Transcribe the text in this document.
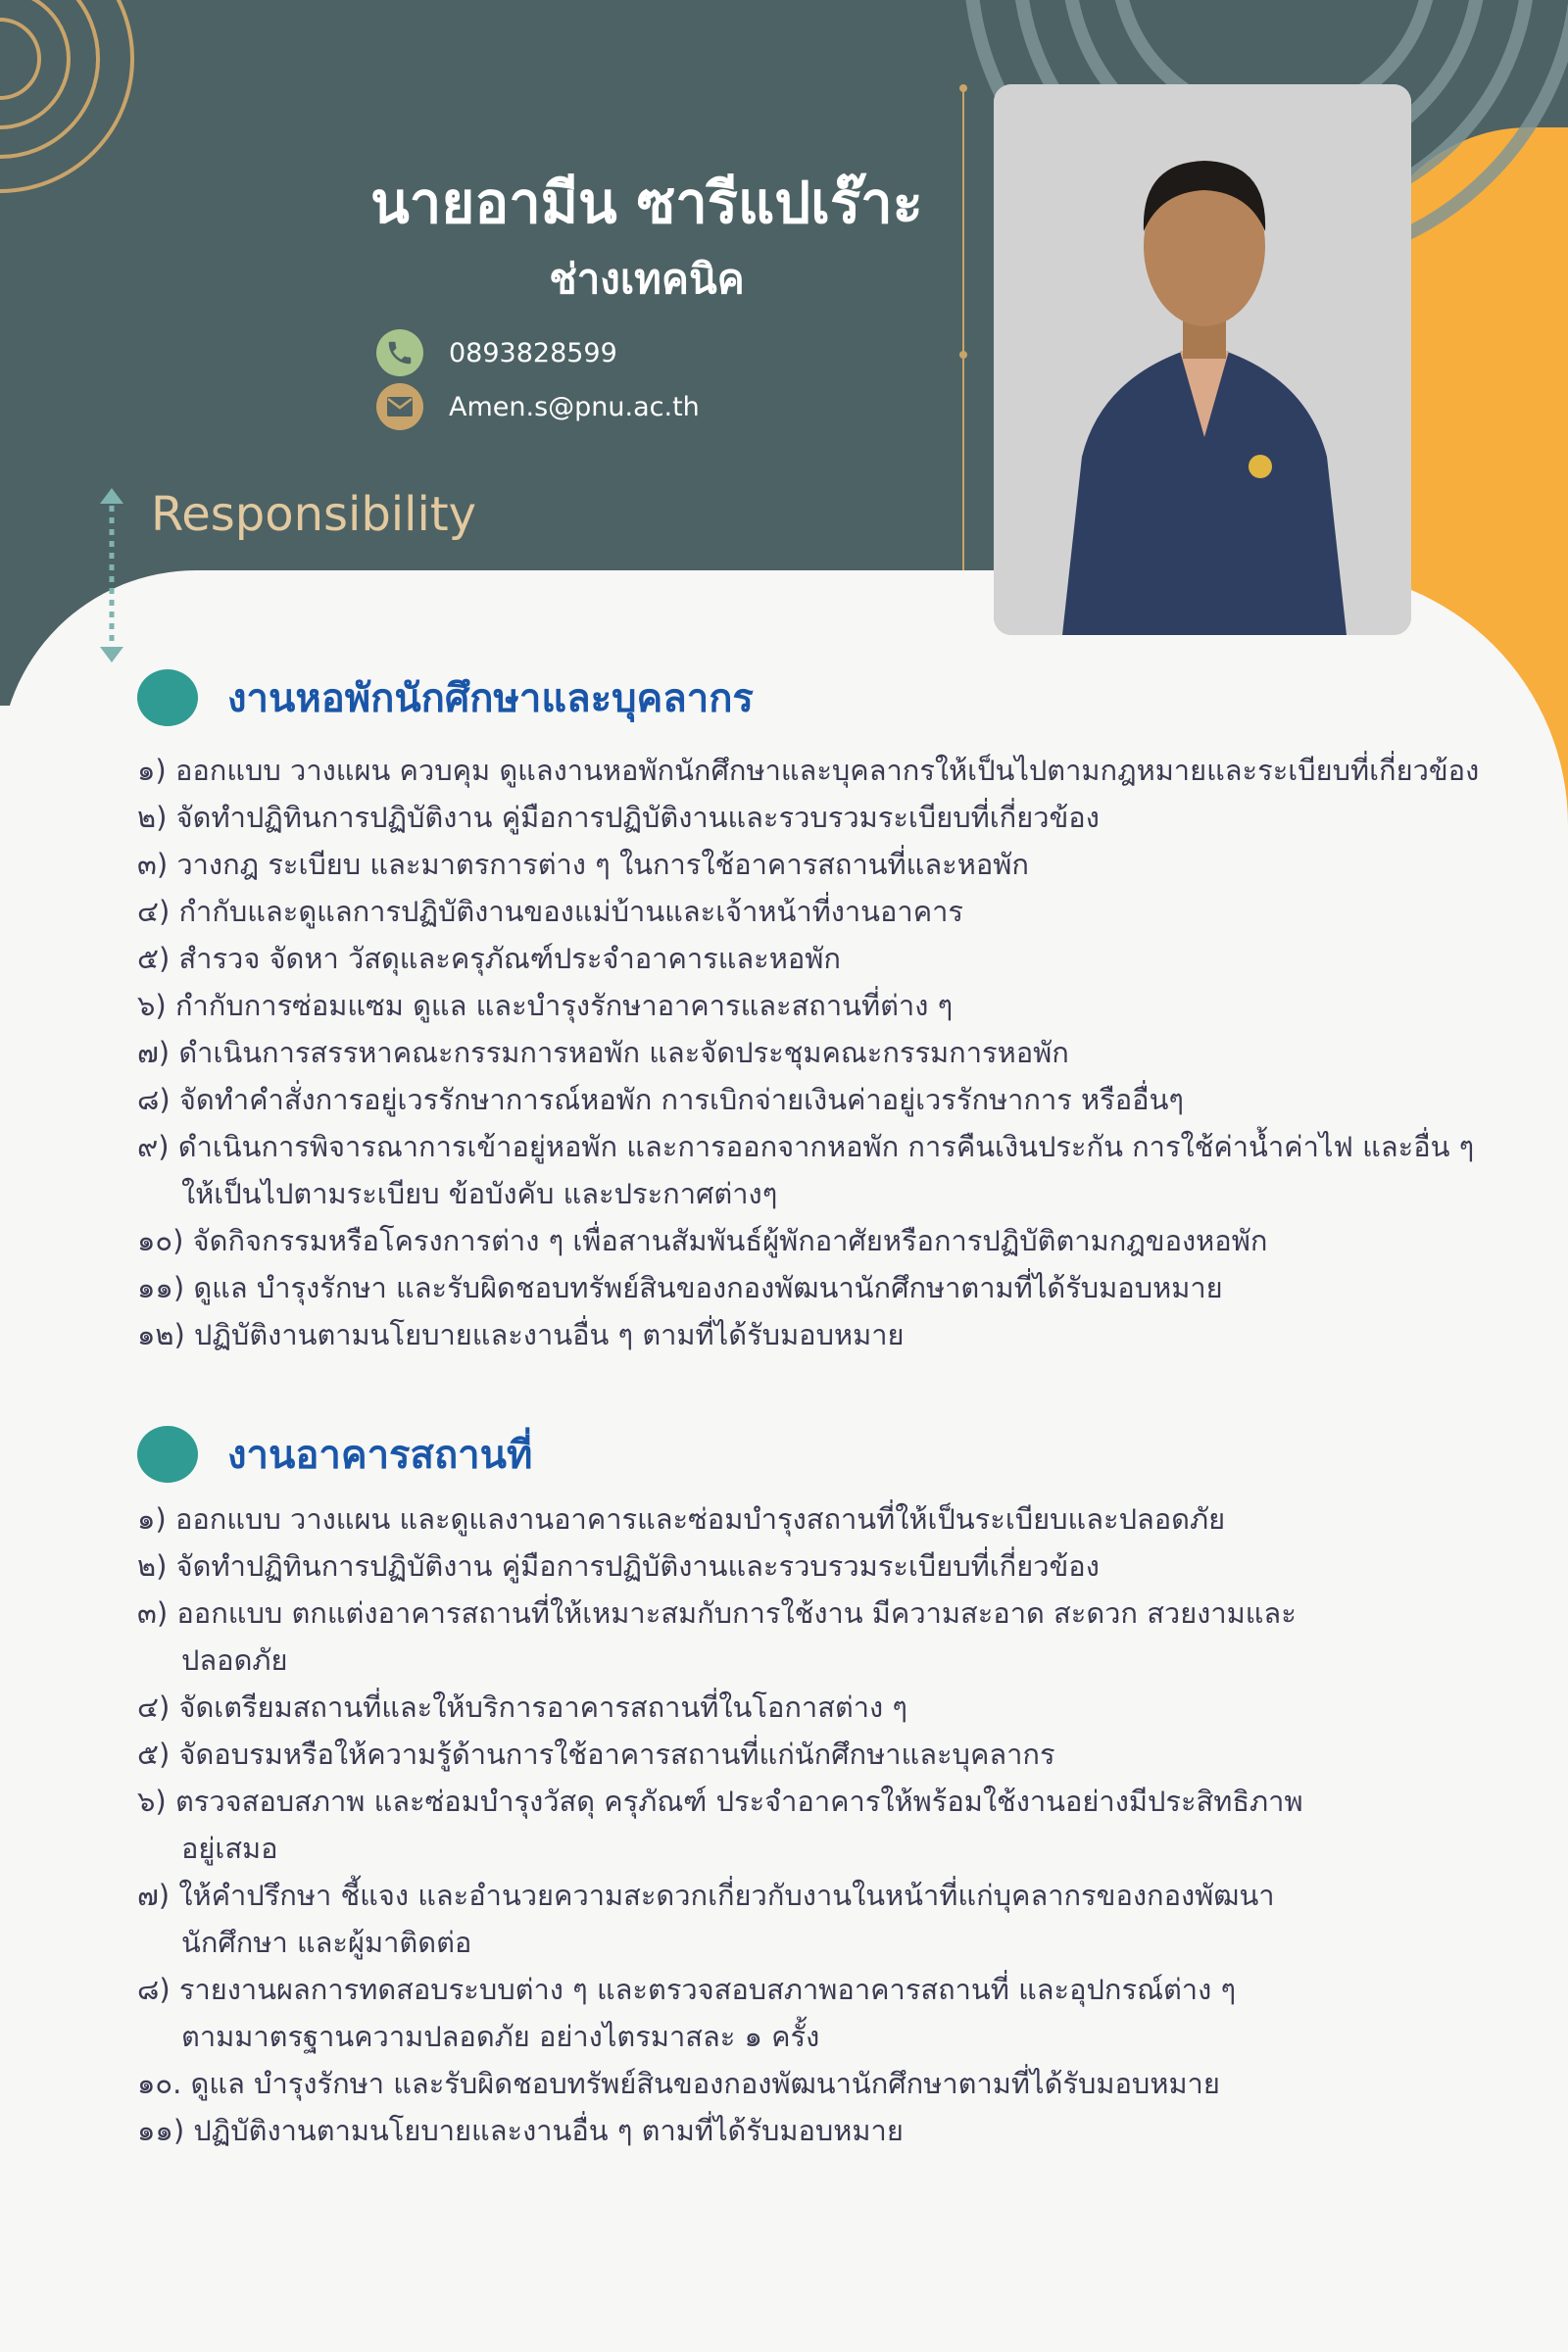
นายอามีน ซารีแปเร๊าะ
ช่างเทคนิค
0893828599
Amen.s@pnu.ac.th
Responsibility
งานหอพักนักศึกษาและบุคลากร
๑) ออกแบบ วางแผน ควบคุม ดูแลงานหอพักนักศึกษาและบุคลากรให้เป็นไปตามกฎหมายและระเบียบที่เกี่ยวข้อง
๒) จัดทำปฏิทินการปฏิบัติงาน คู่มือการปฏิบัติงานและรวบรวมระเบียบที่เกี่ยวข้อง
๓) วางกฎ ระเบียบ และมาตรการต่าง ๆ ในการใช้อาคารสถานที่และหอพัก
๔) กำกับและดูแลการปฏิบัติงานของแม่บ้านและเจ้าหน้าที่งานอาคาร
๕) สำรวจ จัดหา วัสดุและครุภัณฑ์ประจำอาคารและหอพัก
๖) กำกับการซ่อมแซม ดูแล และบำรุงรักษาอาคารและสถานที่ต่าง ๆ
๗) ดำเนินการสรรหาคณะกรรมการหอพัก และจัดประชุมคณะกรรมการหอพัก
๘) จัดทำคำสั่งการอยู่เวรรักษาการณ์หอพัก การเบิกจ่ายเงินค่าอยู่เวรรักษาการ หรืออื่นๆ
๙) ดำเนินการพิจารณาการเข้าอยู่หอพัก และการออกจากหอพัก การคืนเงินประกัน การใช้ค่าน้ำค่าไฟ และอื่น ๆ
ให้เป็นไปตามระเบียบ ข้อบังคับ และประกาศต่างๆ
๑๐) จัดกิจกรรมหรือโครงการต่าง ๆ เพื่อสานสัมพันธ์ผู้พักอาศัยหรือการปฏิบัติตามกฎของหอพัก
๑๑) ดูแล บำรุงรักษา และรับผิดชอบทรัพย์สินของกองพัฒนานักศึกษาตามที่ได้รับมอบหมาย
๑๒) ปฏิบัติงานตามนโยบายและงานอื่น ๆ ตามที่ได้รับมอบหมาย
งานอาคารสถานที่
๑) ออกแบบ วางแผน และดูแลงานอาคารและซ่อมบำรุงสถานที่ให้เป็นระเบียบและปลอดภัย
๒) จัดทำปฏิทินการปฏิบัติงาน คู่มือการปฏิบัติงานและรวบรวมระเบียบที่เกี่ยวข้อง
๓) ออกแบบ ตกแต่งอาคารสถานที่ให้เหมาะสมกับการใช้งาน มีความสะอาด สะดวก สวยงามและ
ปลอดภัย
๔) จัดเตรียมสถานที่และให้บริการอาคารสถานที่ในโอกาสต่าง ๆ
๕) จัดอบรมหรือให้ความรู้ด้านการใช้อาคารสถานที่แก่นักศึกษาและบุคลากร
๖) ตรวจสอบสภาพ และซ่อมบำรุงวัสดุ ครุภัณฑ์ ประจำอาคารให้พร้อมใช้งานอย่างมีประสิทธิภาพ
อยู่เสมอ
๗) ให้คำปรึกษา ชี้แจง และอำนวยความสะดวกเกี่ยวกับงานในหน้าที่แก่บุคลากรของกองพัฒนา
นักศึกษา และผู้มาติดต่อ
๘) รายงานผลการทดสอบระบบต่าง ๆ และตรวจสอบสภาพอาคารสถานที่ และอุปกรณ์ต่าง ๆ
ตามมาตรฐานความปลอดภัย อย่างไตรมาสละ ๑ ครั้ง
๑๐. ดูแล บำรุงรักษา และรับผิดชอบทรัพย์สินของกองพัฒนานักศึกษาตามที่ได้รับมอบหมาย
๑๑) ปฏิบัติงานตามนโยบายและงานอื่น ๆ ตามที่ได้รับมอบหมาย
